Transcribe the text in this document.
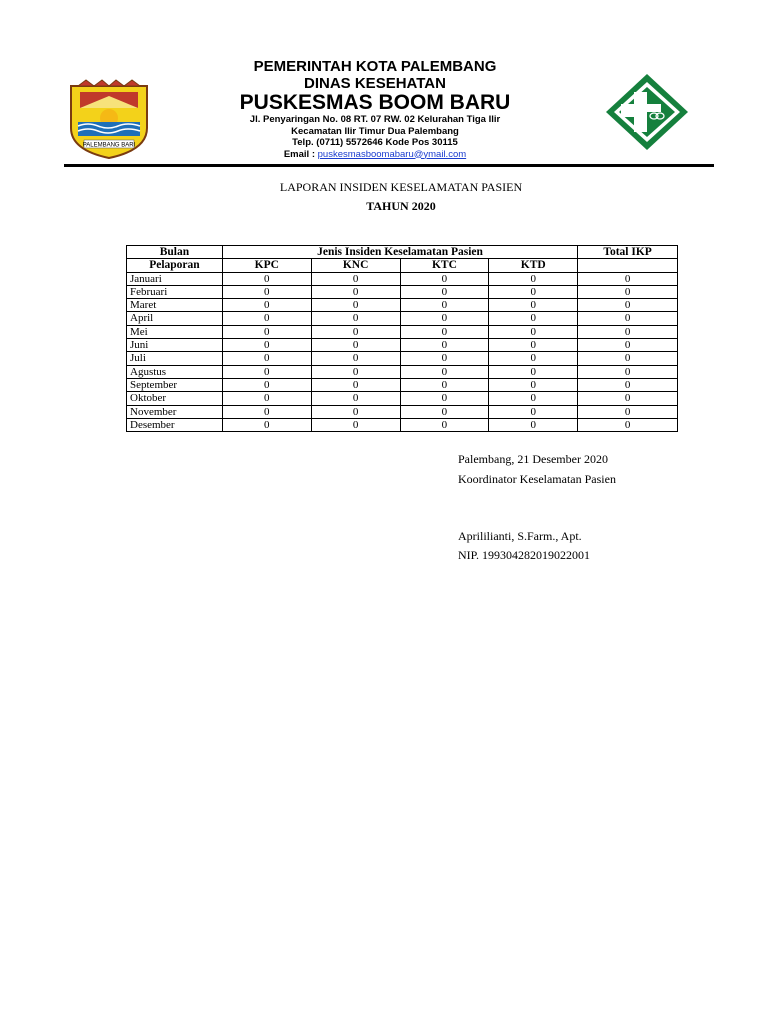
PALEMBANG BARI
PEMERINTAH KOTA PALEMBANG
DINAS KESEHATAN
PUSKESMAS BOOM BARU
Jl. Penyaringan No. 08 RT. 07 RW. 02 Kelurahan Tiga Ilir
Kecamatan Ilir Timur Dua Palembang
Telp. (0711) 5572646 Kode Pos 30115
Email : puskesmasboomabaru@ymail.com
LAPORAN INSIDEN KESELAMATAN PASIEN
TAHUN 2020
Bulan	Jenis Insiden Keselamatan Pasien				Total IKP
Pelaporan	KPC	KNC	KTC	KTD	
Januari	0	0	0	0	0
Februari	0	0	0	0	0
Maret	0	0	0	0	0
April	0	0	0	0	0
Mei	0	0	0	0	0
Juni	0	0	0	0	0
Juli	0	0	0	0	0
Agustus	0	0	0	0	0
September	0	0	0	0	0
Oktober	0	0	0	0	0
November	0	0	0	0	0
Desember	0	0	0	0	0
Palembang, 21 Desember 2020
Koordinator Keselamatan Pasien
Aprililianti, S.Farm., Apt.
NIP. 199304282019022001
